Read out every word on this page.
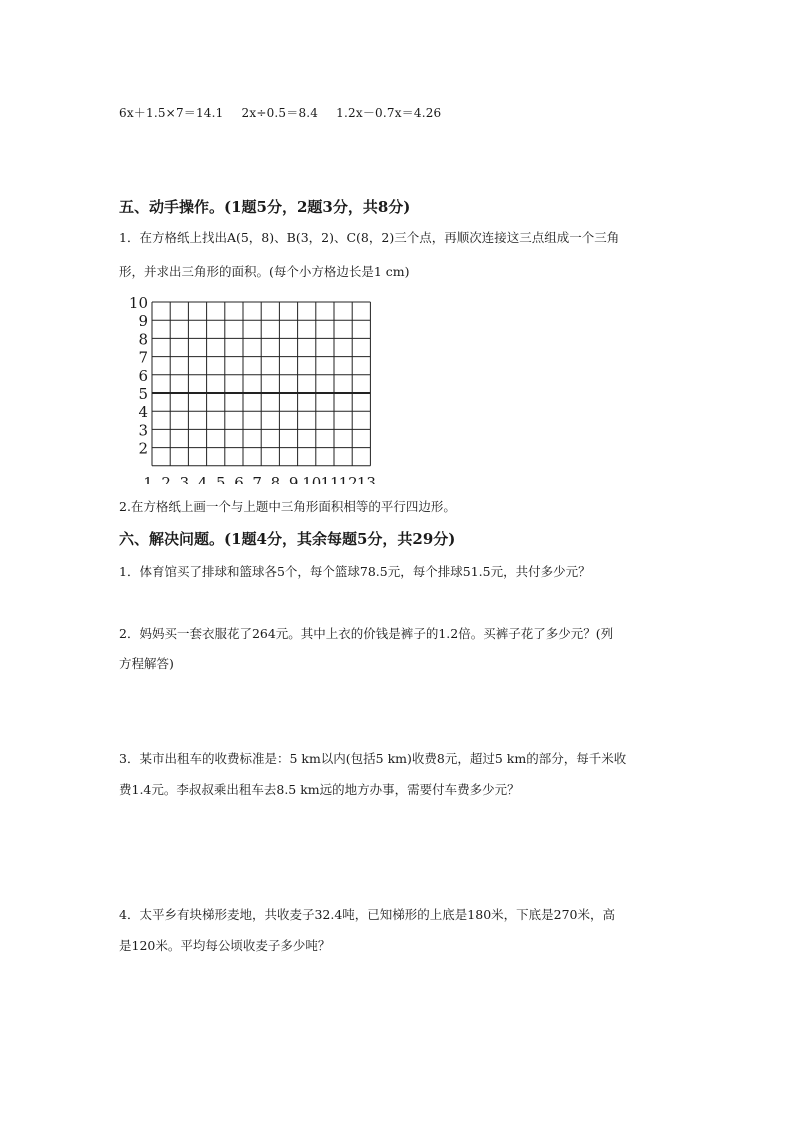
6x＋1.5×7＝14.1 2x÷0.5＝8.4 1.2x－0.7x＝4.26
五、动手操作。(1题5分，2题3分，共8分)
1．在方格纸上找出A(5，8)、B(3，2)、C(8，2)三个点，再顺次连接这三点组成一个三角
形，并求出三角形的面积。(每个小方格边长是1 cm)
10
9
8
7
6
5
4
3
2
1 2 3 4 5 6 7 8 9 10 11 12 13
2.在方格纸上画一个与上题中三角形面积相等的平行四边形。
六、解决问题。(1题4分，其余每题5分，共29分)
1．体育馆买了排球和篮球各5个，每个篮球78.5元，每个排球51.5元，共付多少元？
2．妈妈买一套衣服花了264元。其中上衣的价钱是裤子的1.2倍。买裤子花了多少元？(列
方程解答)
3．某市出租车的收费标准是：5 km以内(包括5 km)收费8元，超过5 km的部分，每千米收
费1.4元。李叔叔乘出租车去8.5 km远的地方办事，需要付车费多少元？
4．太平乡有块梯形麦地，共收麦子32.4吨，已知梯形的上底是180米，下底是270米，高
是120米。平均每公顷收麦子多少吨？
